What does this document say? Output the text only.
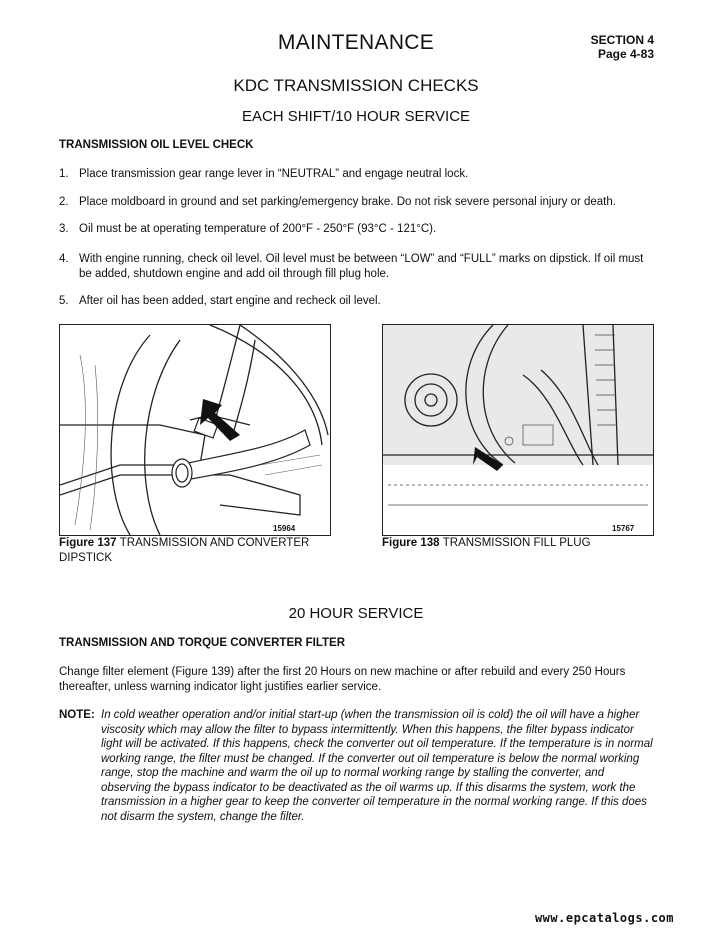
MAINTENANCE	SECTION 4
Page 4-83
KDC TRANSMISSION CHECKS
EACH SHIFT/10 HOUR SERVICE
TRANSMISSION OIL LEVEL CHECK
1. Place transmission gear range lever in “NEUTRAL” and engage neutral lock.
2. Place moldboard in ground and set parking/emergency brake. Do not risk severe personal injury or death.
3. Oil must be at operating temperature of 200°F - 250°F (93°C - 121°C).
4. With engine running, check oil level. Oil level must be between “LOW” and “FULL” marks on dipstick. If oil must be added, shutdown engine and add oil through fill plug hole.
5. After oil has been added, start engine and recheck oil level.
15964
Figure 137 TRANSMISSION AND CONVERTER DIPSTICK
15767
Figure 138 TRANSMISSION FILL PLUG
20 HOUR SERVICE
TRANSMISSION AND TORQUE CONVERTER FILTER
Change filter element (Figure 139) after the first 20 Hours on new machine or after rebuild and every 250 Hours thereafter, unless warning indicator light justifies earlier service.
NOTE: In cold weather operation and/or initial start-up (when the transmission oil is cold) the oil will have a higher viscosity which may allow the filter to bypass intermittently. When this happens, the filter bypass indicator light will be activated. If this happens, check the converter out oil temperature. If the temperature is in normal working range, the filter must be changed. If the converter out oil temperature is below the normal working range, stop the machine and warm the oil up to normal working range by stalling the converter, and observing the bypass indicator to be deactivated as the oil warms up. If this disarms the system, work the transmission in a higher gear to keep the converter oil temperature in the normal working range. If this does not disarm the system, change the filter.
www.epcatalogs.com
